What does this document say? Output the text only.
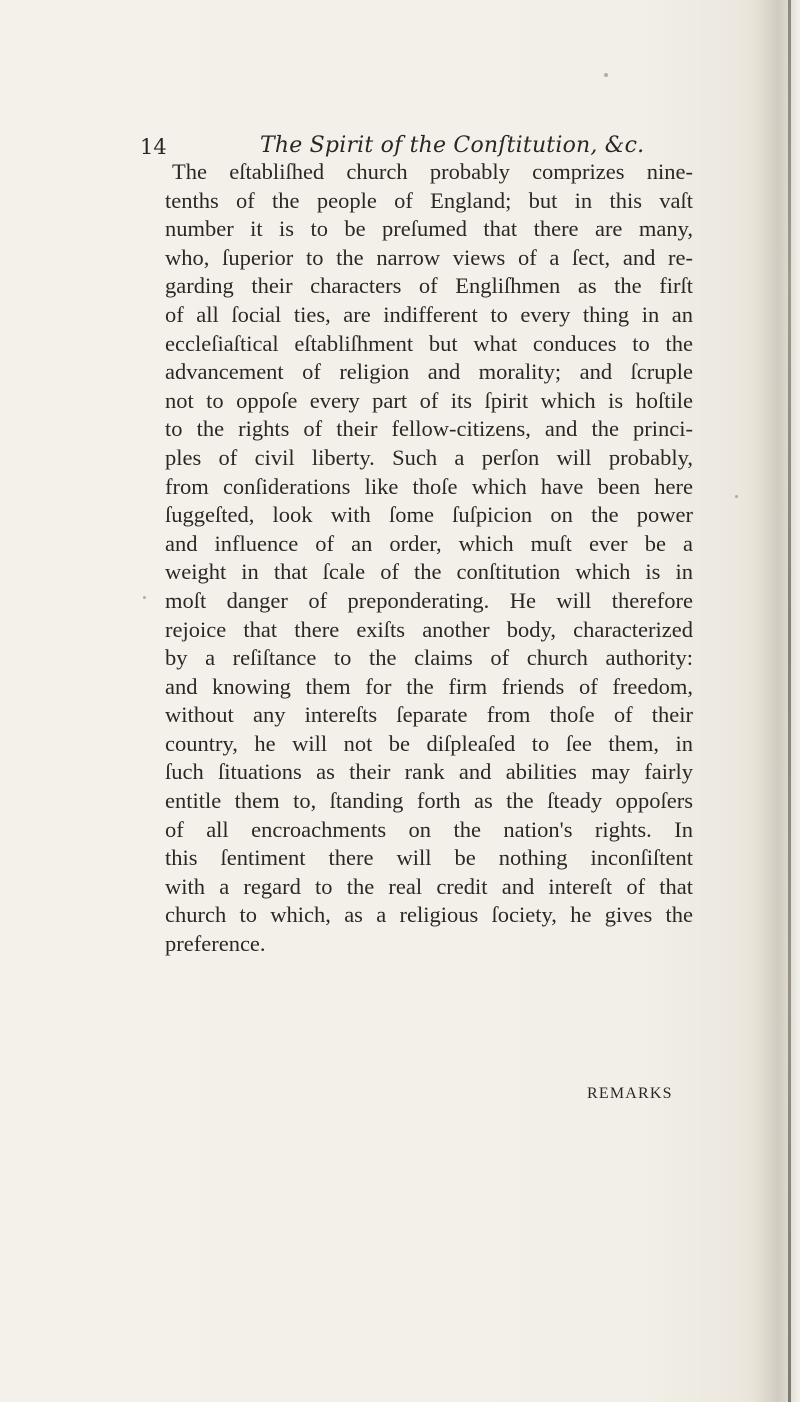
14	The Spirit of the Conſtitution, &c.
The eſtabliſhed church probably comprizes nine-
tenths of the people of England; but in this vaſt
number it is to be preſumed that there are many,
who, ſuperior to the narrow views of a ſect, and re-
garding their characters of Engliſhmen as the firſt
of all ſocial ties, are indifferent to every thing in an
eccleſiaſtical eſtabliſhment but what conduces to the
advancement of religion and morality; and ſcruple
not to oppoſe every part of its ſpirit which is hoſtile
to the rights of their fellow-citizens, and the princi-
ples of civil liberty. Such a perſon will probably,
from conſiderations like thoſe which have been here
ſuggeſted, look with ſome ſuſpicion on the power
and influence of an order, which muſt ever be a
weight in that ſcale of the conſtitution which is in
moſt danger of preponderating. He will therefore
rejoice that there exiſts another body, characterized
by a reſiſtance to the claims of church authority:
and knowing them for the firm friends of freedom,
without any intereſts ſeparate from thoſe of their
country, he will not be diſpleaſed to ſee them, in
ſuch ſituations as their rank and abilities may fairly
entitle them to, ſtanding forth as the ſteady oppoſers
of all encroachments on the nation's rights. In
this ſentiment there will be nothing inconſiſtent
with a regard to the real credit and intereſt of that
church to which, as a religious ſociety, he gives the
preference.
REMARKS
